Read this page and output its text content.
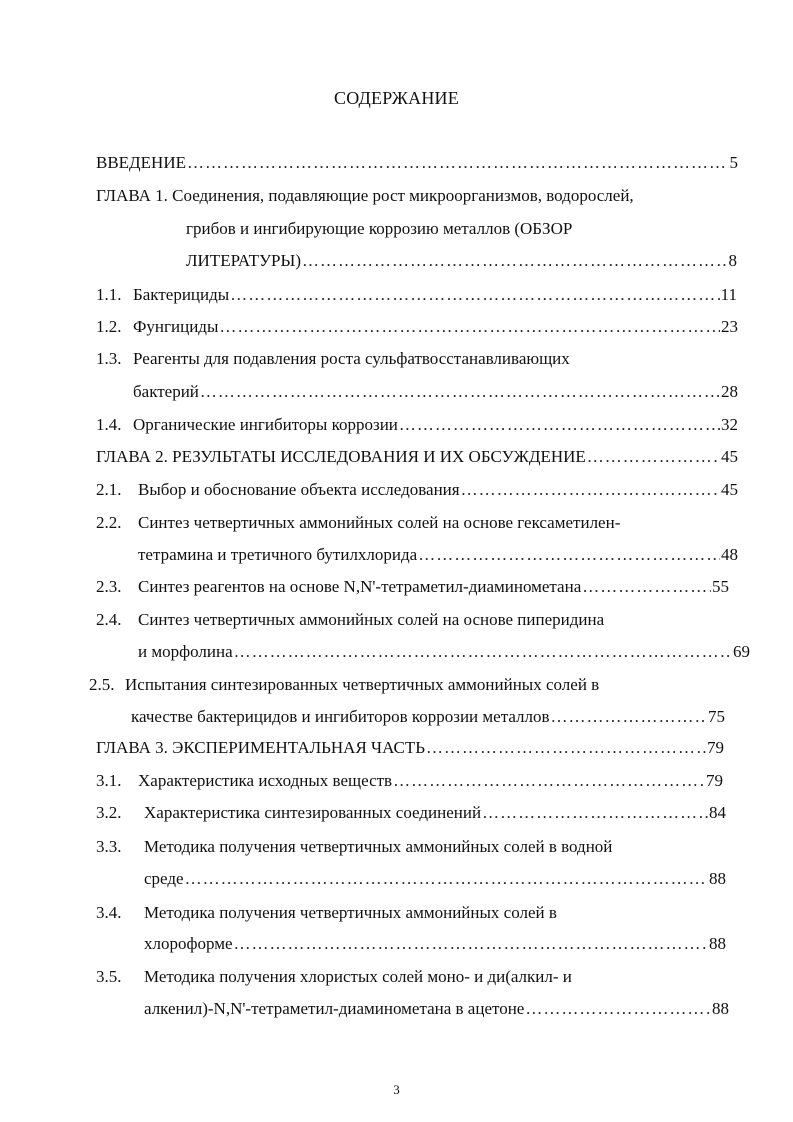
СОДЕРЖАНИЕ
ВВЕДЕНИЕ …………………………………………………………………………………………………………………………………………	5
ГЛАВА 1. Соединения, подавляющие рост микроорганизмов, водорослей,
грибов и ингибирующие коррозию металлов (ОБЗОР
ЛИТЕРАТУРЫ) …………………………………………………………………………………………………………………………………………	8
1.1. Бактерициды …………………………………………………………………………………………………………………………………………	11
1.2. Фунгициды …………………………………………………………………………………………………………………………………………	23
1.3. Реагенты для подавления роста сульфатвосстанавливающих
бактерий …………………………………………………………………………………………………………………………………………	28
1.4. Органические ингибиторы коррозии …………………………………………………………………………………………………………………………………………	32
ГЛАВА 2. РЕЗУЛЬТАТЫ ИССЛЕДОВАНИЯ И ИХ ОБСУЖДЕНИЕ …………………………………………………………………………………………………………………………………………	45
2.1. Выбор и обоснование объекта исследования …………………………………………………………………………………………………………………………………………	45
2.2. Синтез четвертичных аммонийных солей на основе гексаметилен-
тетрамина и третичного бутилхлорида …………………………………………………………………………………………………………………………………………	48
2.3. Синтез реагентов на основе N,N'-тетраметил-диаминометана …………………………………………………………………………………………………………………………………………	55
2.4. Синтез четвертичных аммонийных солей на основе пиперидина
и морфолина …………………………………………………………………………………………………………………………………………	69
2.5. Испытания синтезированных четвертичных аммонийных солей в
качестве бактерицидов и ингибиторов коррозии металлов …………………………………………………………………………………………………………………………………………	75
ГЛАВА 3. ЭКСПЕРИМЕНТАЛЬНАЯ ЧАСТЬ …………………………………………………………………………………………………………………………………………	79
3.1. Характеристика исходных веществ …………………………………………………………………………………………………………………………………………	79
3.2. Характеристика синтезированных соединений …………………………………………………………………………………………………………………………………………	84
3.3. Методика получения четвертичных аммонийных солей в водной
среде …………………………………………………………………………………………………………………………………………	88
3.4. Методика получения четвертичных аммонийных солей в
хлороформе …………………………………………………………………………………………………………………………………………	88
3.5. Методика получения хлористых солей моно- и ди(алкил- и
алкенил)-N,N'-тетраметил-диаминометана в ацетоне …………………………………………………………………………………………………………………………………………	88
3
